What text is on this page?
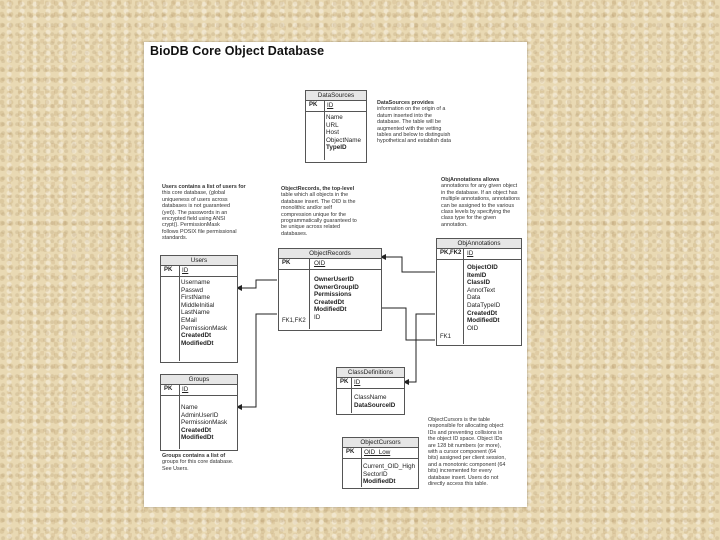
BioDB Core Object Database
DataSources
PK ID
Name
URL
Host
ObjectName
TypeID
DataSources provides
information on the origin of a
datum inserted into the
database. The table will be
augmented with the vetting
tables and below to distinguish
hypothetical and establish data
Users contains a list of users for
this core database, (global
uniqueness of users across
databases is not guaranteed
(yet)). The passwords in an
encrypted field using ANSI
crypt(). PermissionMask
follows POSIX file permissional
standards.
ObjectRecords, the top-level
table which all objects in the
database insert. The OID is the
monolithic and/or self
compression unique for the
programmatically guaranteed to
be unique across related
databases.
ObjAnnotations allows
annotations for any given object
in the database. If an object has
multiple annotations, annotations
can be assigned to the various
class levels by specifying the
class type for the given
annotation.
Users
PK ID
Username
Passwd
FirstName
MiddleInitial
LastName
EMail
PermissionMask
CreatedDt
ModifiedDt
ObjectRecords
PK	OID
FK1,FK2
OwnerUserID
OwnerGroupID
Permissions
CreatedDt
ModifiedDt
ID
ObjAnnotations
PK,FK2 ID
FK1
ObjectOID
ItemID
ClassID
AnnotText
Data
DataTypeID
CreatedDt
ModifiedDt
OID
ClassDefinitions
PK ID
ClassName
DataSourceID
Groups
PK ID
Name
AdminUserID
PermissionMask
CreatedDt
ModifiedDt
Groups contains a list of
groups for this core database.
See Users.
ObjectCursors
PK OID_Low
Current_OID_High
SectorID
ModifiedDt
ObjectCursors is the table
responsible for allocating object
IDs and preventing collisions in
the object ID space. Object IDs
are 128 bit numbers (or more),
with a cursor component (64
bits) assigned per client session,
and a monotonic component (64
bits) incremented for every
database insert. Users do not
directly access this table.
